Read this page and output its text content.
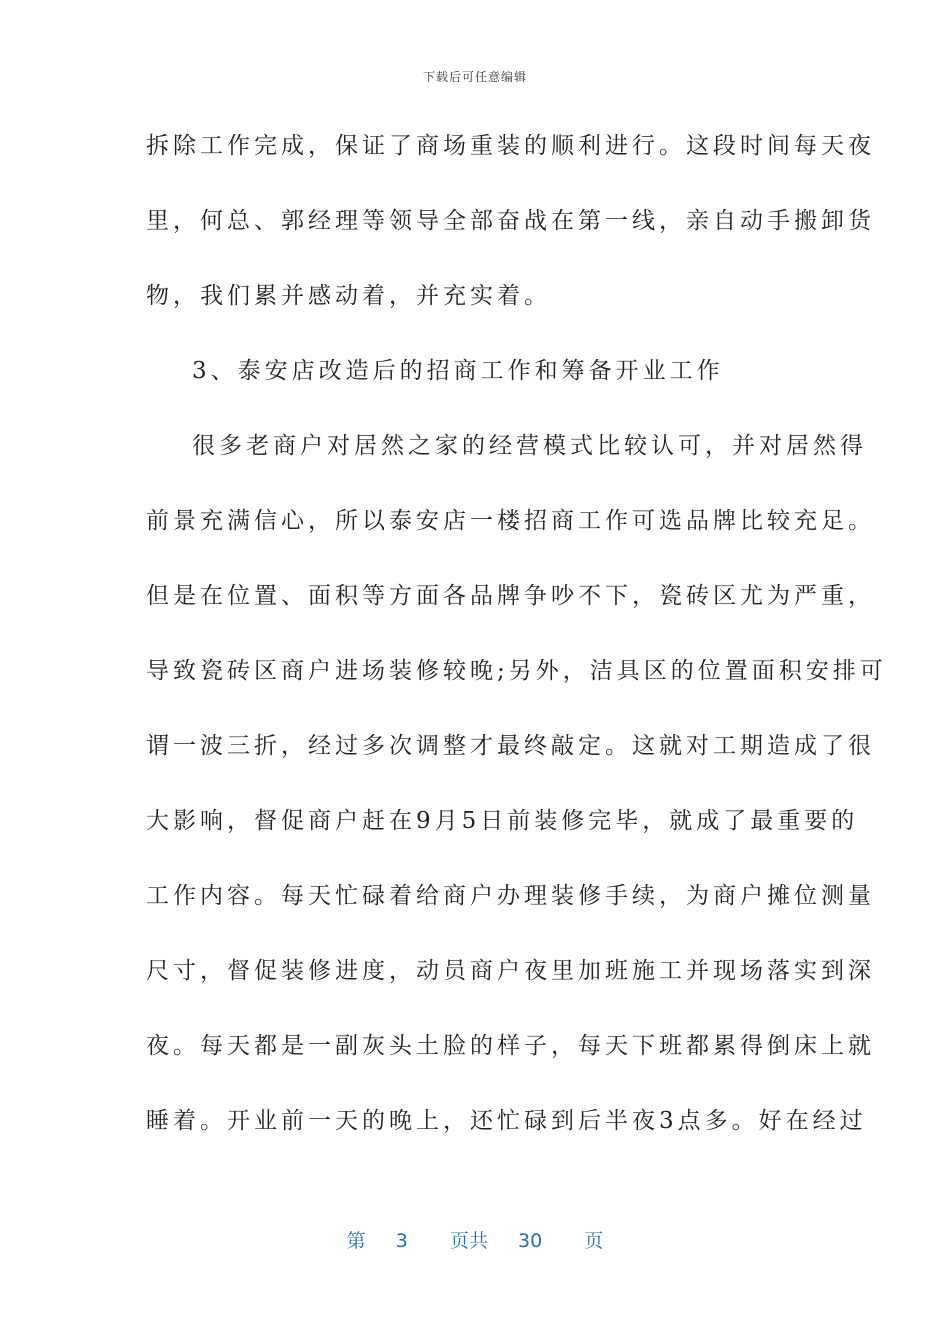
下载后可任意编辑
拆除工作完成，保证了商场重装的顺利进行。这段时间每天夜
里，何总、郭经理等领导全部奋战在第一线，亲自动手搬卸货
物，我们累并感动着，并充实着。
3、泰安店改造后的招商工作和筹备开业工作
很多老商户对居然之家的经营模式比较认可，并对居然得
前景充满信心，所以泰安店一楼招商工作可选品牌比较充足。
但是在位置、面积等方面各品牌争吵不下，瓷砖区尤为严重，
导致瓷砖区商户进场装修较晚;另外，洁具区的位置面积安排可
谓一波三折，经过多次调整才最终敲定。这就对工期造成了很
大影响，督促商户赶在9月5日前装修完毕，就成了最重要的
工作内容。每天忙碌着给商户办理装修手续，为商户摊位测量
尺寸，督促装修进度，动员商户夜里加班施工并现场落实到深
夜。每天都是一副灰头土脸的样子，每天下班都累得倒床上就
睡着。开业前一天的晚上，还忙碌到后半夜3点多。好在经过
第 3 页共 30 页
